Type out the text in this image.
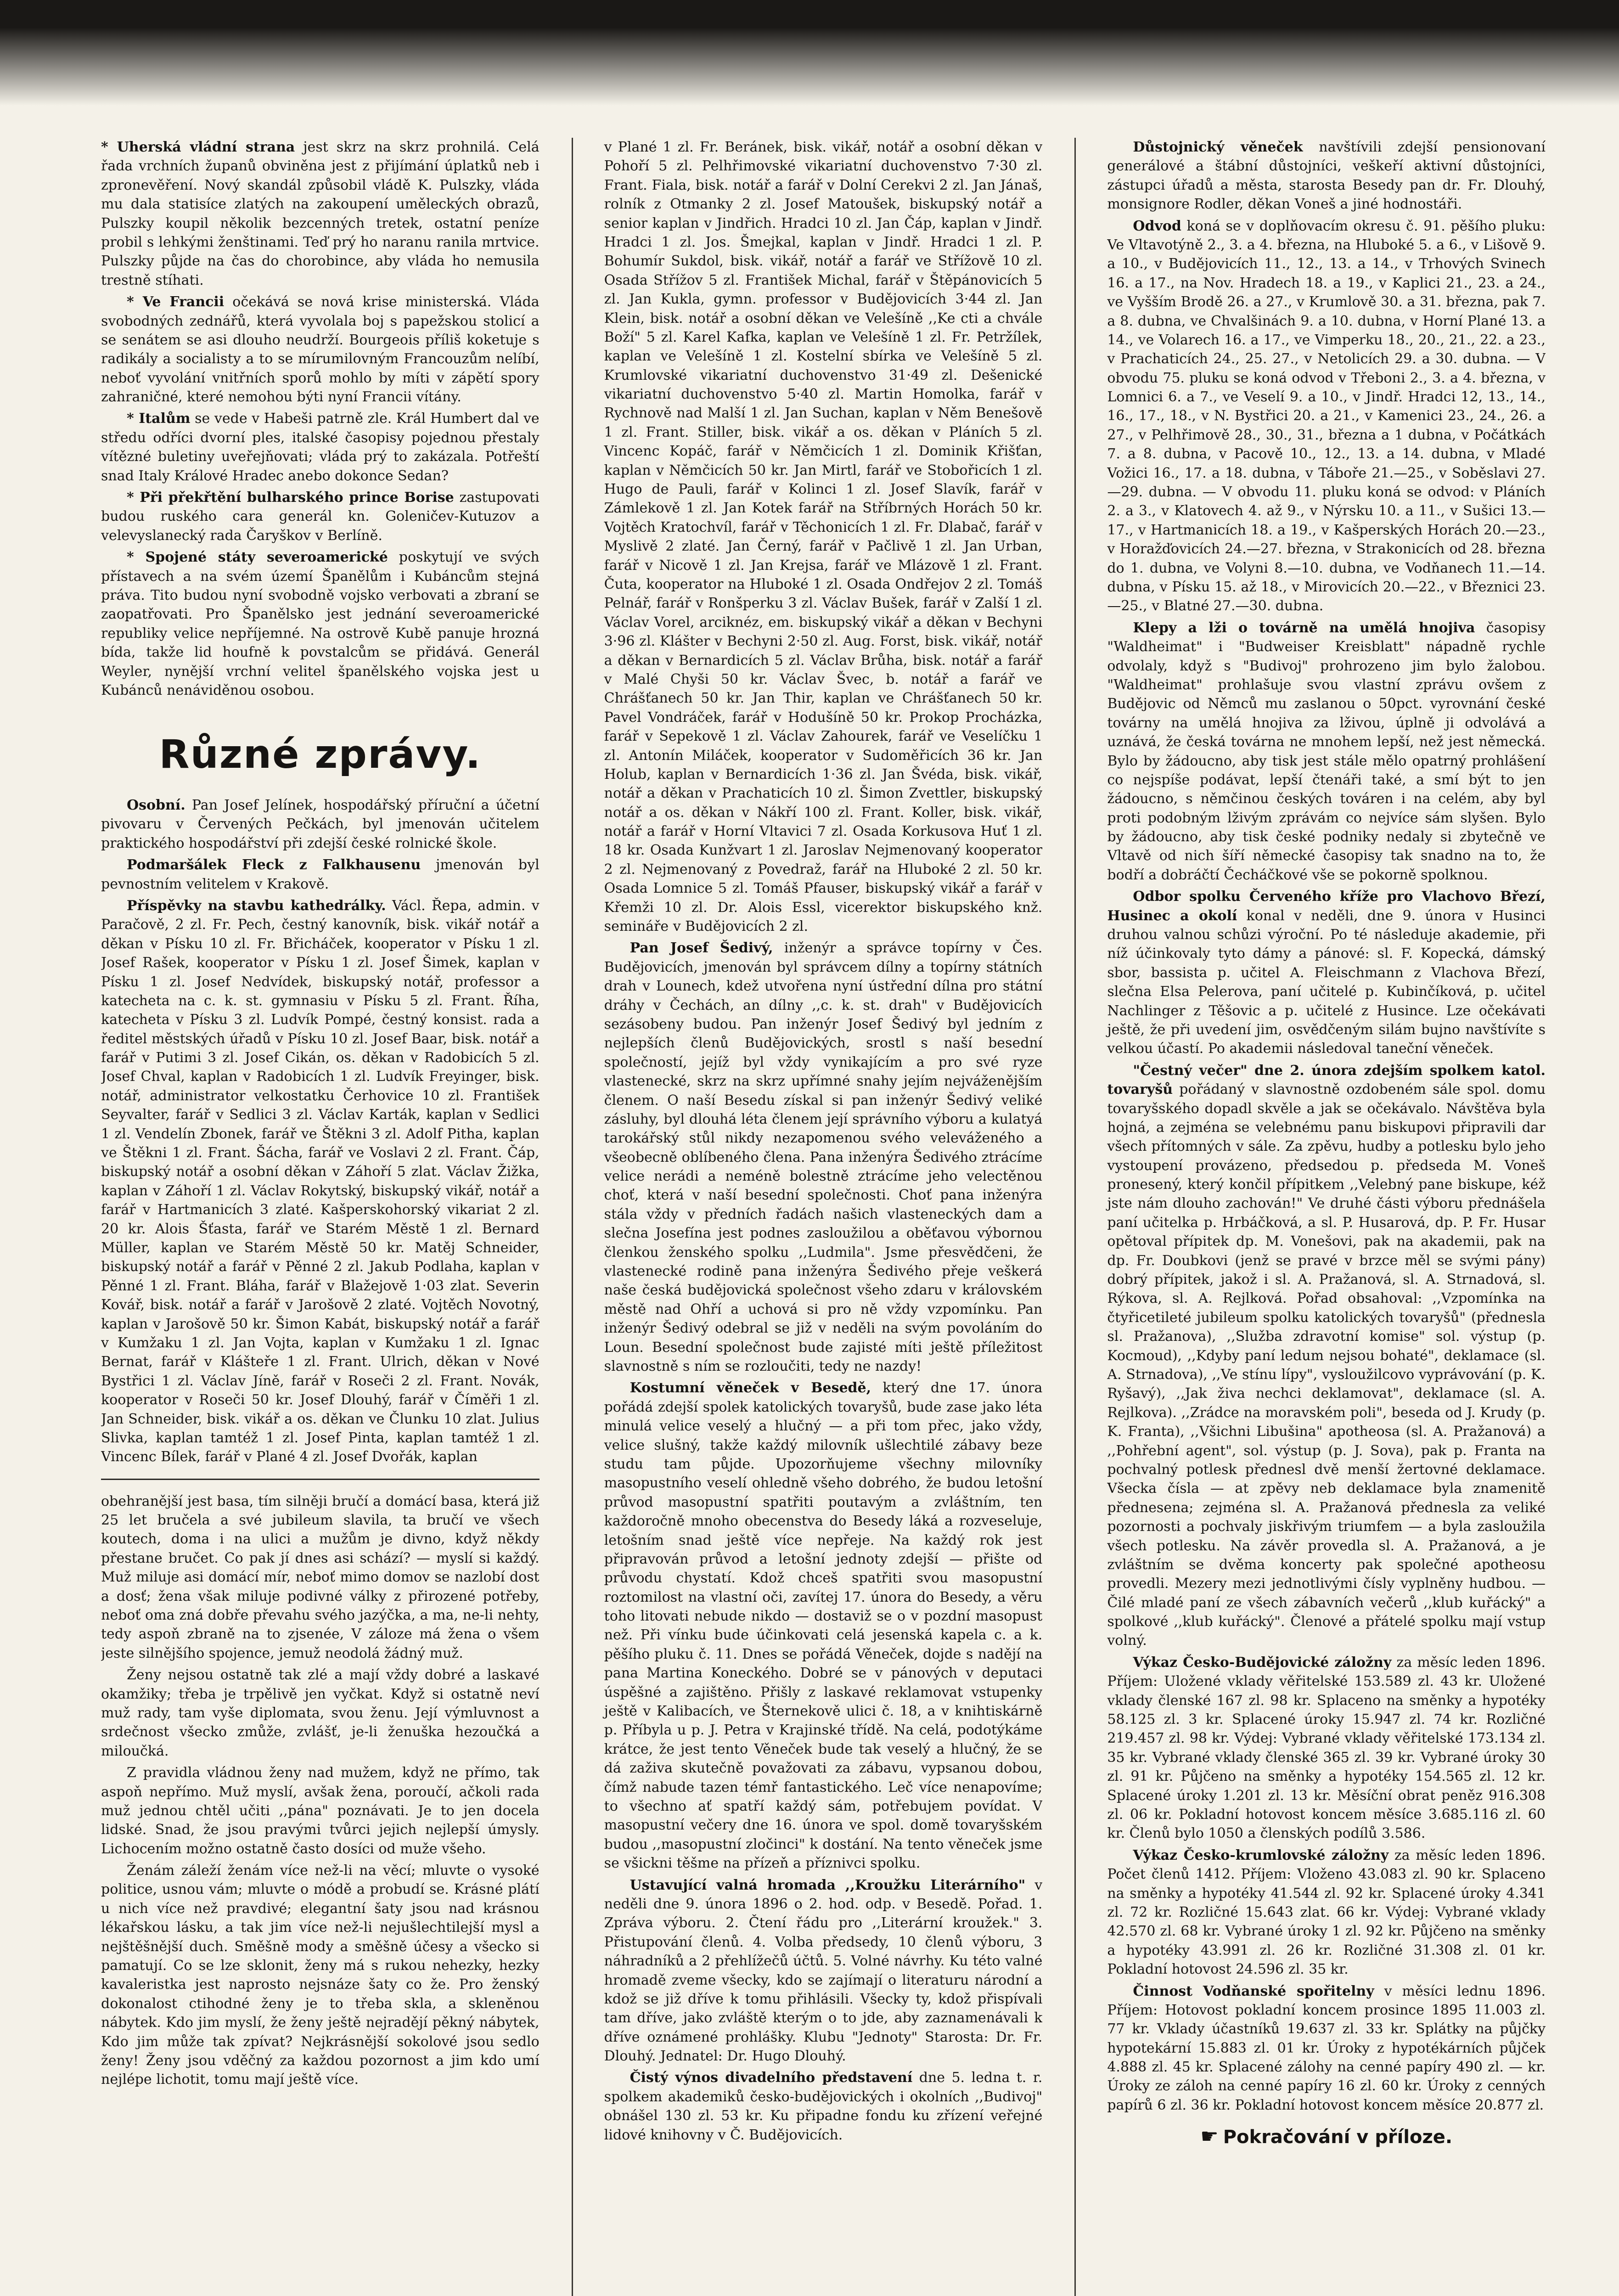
* Uherská vládní strana jest skrz na skrz prohnilá. Celá řada vrchních županů obviněna jest z přijímání úplatků neb i zpronevěření. Nový skandál způsobil vládě K. Pulszky, vláda mu dala statisíce zlatých na zakoupení uměleckých obrazů, Pulszky koupil několik bezcenných tretek, ostatní peníze probil s lehkými ženštinami. Teď prý ho naranu ranila mrtvice. Pulszky půjde na čas do chorobince, aby vláda ho nemusila trestně stíhati.

* Ve Francii očekává se nová krise ministerská. Vláda svobodných zednářů, která vyvolala boj s papežskou stolicí a se senátem se asi dlouho neudrží. Bourgeois příliš koketuje s radikály a socialisty a to se mírumilovným Francouzům nelíbí, neboť vyvolání vnitřních sporů mohlo by míti v zápětí spory zahraničné, které nemohou býti nyní Francii vítány.

* Italům se vede v Habeši patrně zle. Král Humbert dal ve středu odříci dvorní ples, italské časopisy pojednou přestaly vítězné buletiny uveřejňovati; vláda prý to zakázala. Potřeští snad Italy Králové Hradec anebo dokonce Sedan?

* Při překřtění bulharského prince Borise zastupovati budou ruského cara generál kn. Goleničev-Kutuzov a velevyslanecký rada Čaryškov v Berlíně.

* Spojené státy severoamerické poskytují ve svých přístavech a na svém území Španělům i Kubáncům stejná práva. Tito budou nyní svobodně vojsko verbovati a zbraní se zaopatřovati. Pro Španělsko jest jednání severoamerické republiky velice nepříjemné. Na ostrově Kubě panuje hrozná bída, takže lid houfně k povstalcům se přidává. Generál Weyler, nynější vrchní velitel španělského vojska jest u Kubánců nenáviděnou osobou.

Různé zprávy.

Osobní. Pan Josef Jelínek, hospodářský příruční a účetní pivovaru v Červených Pečkách, byl jmenován učitelem praktického hospodářství při zdejší české rolnické škole.

Podmaršálek Fleck z Falkhausenu jmenován byl pevnostním velitelem v Krakově.

Příspěvky na stavbu kathedrálky. Václ. Řepa, admin. v Paračově, 2 zl. Fr. Pech, čestný kanovník, bisk. vikář notář a děkan v Písku 10 zl. Fr. Břicháček, kooperator v Písku 1 zl. Josef Rašek, kooperator v Písku 1 zl. Josef Šimek, kaplan v Písku 1 zl. Josef Nedvídek, biskupský notář, professor a katecheta na c. k. st. gymnasiu v Písku 5 zl. Frant. Říha, katecheta v Písku 3 zl. Ludvík Pompé, čestný konsist. rada a ředitel městských úřadů v Písku 10 zl. Josef Baar, bisk. notář a farář v Putimi 3 zl. Josef Cikán, os. děkan v Radobicích 5 zl. Josef Chval, kaplan v Radobicích 1 zl. Ludvík Freyinger, bisk. notář, administrator velkostatku Čerhovice 10 zl. František Seyvalter, farář v Sedlici 3 zl. Václav Karták, kaplan v Sedlici 1 zl. Vendelín Zbonek, farář ve Štěkni 3 zl. Adolf Pitha, kaplan ve Štěkni 1 zl. Frant. Šácha, farář ve Voslavi 2 zl. Frant. Čáp, biskupský notář a osobní děkan v Záhoří 5 zlat. Václav Žižka, kaplan v Záhoří 1 zl. Václav Rokytský, biskupský vikář, notář a farář v Hartmanicích 3 zlaté. Kašperskohorský vikariat 2 zl. 20 kr. Alois Šťasta, farář ve Starém Městě 1 zl. Bernard Müller, kaplan ve Starém Městě 50 kr. Matěj Schneider, biskupský notář a farář v Pěnné 2 zl. Jakub Podlaha, kaplan v Pěnné 1 zl. Frant. Bláha, farář v Blažejově 1·03 zlat. Severin Kovář, bisk. notář a farář v Jarošově 2 zlaté. Vojtěch Novotný, kaplan v Jarošově 50 kr. Šimon Kabát, biskupský notář a farář v Kumžaku 1 zl. Jan Vojta, kaplan v Kumžaku 1 zl. Ignac Bernat, farář v Klášteře 1 zl. Frant. Ulrich, děkan v Nové Bystřici 1 zl. Václav Jíně, farář v Roseči 2 zl. Frant. Novák, kooperator v Roseči 50 kr. Josef Dlouhý, farář v Číměři 1 zl. Jan Schneider, bisk. vikář a os. děkan ve Člunku 10 zlat. Julius Slivka, kaplan tamtéž 1 zl. Josef Pinta, kaplan tamtéž 1 zl. Vincenc Bílek, farář v Plané 4 zl. Josef Dvořák, kaplan

obehranější jest basa, tím silněji bručí a domácí basa, která již 25 let bručela a své jubileum slavila, ta bručí ve všech koutech, doma i na ulici a mužům je divno, když někdy přestane bručet. Co pak jí dnes asi schází? — myslí si každý. Muž miluje asi domácí mír, neboť mimo domov se nazlobí dost a dosť; žena však miluje podivné války z přirozené potřeby, neboť oma zná dobře převahu svého jazýčka, a ma, ne-li nehty, tedy aspoň zbraně na to zjsenée, V záloze má žena o všem jeste silnějšího spojence, jemuž neodolá žádný muž.

Ženy nejsou ostatně tak zlé a mají vždy dobré a laskavé okamžiky; třeba je trpělivě jen vyčkat. Když si ostatně neví muž rady, tam vyše diplomata, svou ženu. Její výmluvnost a srdečnost všecko zmůže, zvlášť, je-li ženuška hezoučká a miloučká.

Z pravidla vládnou ženy nad mužem, když ne přímo, tak aspoň nepřímo. Muž myslí, avšak žena, poroučí, ačkoli rada muž jednou chtěl učiti ,,pána" poznávati. Je to jen docela lidské. Snad, že jsou pravými tvůrci jejich nejlepší úmysly. Lichocením možno ostatně často dosíci od muže všeho.

Ženám záleží ženám více než-li na věcí; mluvte o vysoké politice, usnou vám; mluvte o módě a probudí se. Krásné plátí u nich více než pravdivé; elegantní šaty jsou nad krásnou lékařskou lásku, a tak jim více než-li nejušlechtilejší mysl a nejštěšnější duch. Směšně mody a směšně účesy a všecko si pamatují. Co se lze sklonit, ženy má s rukou nehezky, hezky kavaleristka jest naprosto nejsnáze šaty co že. Pro ženský dokonalost ctihodné ženy je to třeba skla, a skleněnou nábytek. Kdo jim myslí, že ženy ještě nejradějí pěkný nábytek, Kdo jim může tak zpívat? Nejkrásnější sokolové jsou sedlo ženy! Ženy jsou vděčný za každou pozornost a jim kdo umí nejlépe lichotit, tomu mají ještě více.

v Plané 1 zl. Fr. Beránek, bisk. vikář, notář a osobní děkan v Pohoří 5 zl. Pelhřimovské vikariatní duchovenstvo 7·30 zl. Frant. Fiala, bisk. notář a farář v Dolní Cerekvi 2 zl. Jan Jánaš, rolník z Otmanky 2 zl. Josef Matoušek, biskupský notář a senior kaplan v Jindřich. Hradci 10 zl. Jan Čáp, kaplan v Jindř. Hradci 1 zl. Jos. Šmejkal, kaplan v Jindř. Hradci 1 zl. P. Bohumír Sukdol, bisk. vikář, notář a farář ve Střížově 10 zl. Osada Střížov 5 zl. František Michal, farář v Štěpánovicích 5 zl. Jan Kukla, gymn. professor v Budějovicích 3·44 zl. Jan Klein, bisk. notář a osobní děkan ve Velešíně ,,Ke cti a chvále Boží" 5 zl. Karel Kafka, kaplan ve Velešíně 1 zl. Fr. Petržílek, kaplan ve Velešíně 1 zl. Kostelní sbírka ve Velešíně 5 zl. Krumlovské vikariatní duchovenstvo 31·49 zl. Dešenické vikariatní duchovenstvo 5·40 zl. Martin Homolka, farář v Rychnově nad Malší 1 zl. Jan Suchan, kaplan v Něm Benešově 1 zl. Frant. Stiller, bisk. vikář a os. děkan v Pláních 5 zl. Vincenc Kopáč, farář v Němčicích 1 zl. Dominik Křišťan, kaplan v Němčicích 50 kr. Jan Mirtl, farář ve Stobořicích 1 zl. Hugo de Pauli, farář v Kolinci 1 zl. Josef Slavík, farář v Zámlekově 1 zl. Jan Kotek farář na Stříbrných Horách 50 kr. Vojtěch Kratochvíl, farář v Těchonicích 1 zl. Fr. Dlabač, farář v Myslivě 2 zlaté. Jan Černý, farář v Pačlivě 1 zl. Jan Urban, farář v Nicově 1 zl. Jan Krejsa, farář ve Mlázově 1 zl. Frant. Čuta, kooperator na Hluboké 1 zl. Osada Ondřejov 2 zl. Tomáš Pelnář, farář v Ronšperku 3 zl. Václav Bušek, farář v Zalší 1 zl. Václav Vorel, arciknéz, em. biskupský vikář a děkan v Bechyni 3·96 zl. Klášter v Bechyni 2·50 zl. Aug. Forst, bisk. vikář, notář a děkan v Bernardicích 5 zl. Václav Brůha, bisk. notář a farář v Malé Chyši 50 kr. Václav Švec, b. notář a farář ve Chrášťanech 50 kr. Jan Thir, kaplan ve Chrášťanech 50 kr. Pavel Vondráček, farář v Hodušíně 50 kr. Prokop Procházka, farář v Sepekově 1 zl. Václav Zahourek, farář ve Veselíčku 1 zl. Antonín Miláček, kooperator v Sudoměřicích 36 kr. Jan Holub, kaplan v Bernardicích 1·36 zl. Jan Švéda, bisk. vikář, notář a děkan v Prachaticích 10 zl. Šimon Zvettler, biskupský notář a os. děkan v Nákří 100 zl. Frant. Koller, bisk. vikář, notář a farář v Horní Vltavici 7 zl. Osada Korkusova Huť 1 zl. 18 kr. Osada Kunžvart 1 zl. Jaroslav Nejmenovaný kooperator 2 zl. Nejmenovaný z Povedraž, farář na Hluboké 2 zl. 50 kr. Osada Lomnice 5 zl. Tomáš Pfauser, biskupský vikář a farář v Křemži 10 zl. Dr. Alois Essl, vicerektor biskupského knž. semináře v Budějovicích 2 zl.

Pan Josef Šedivý, inženýr a správce topírny v Čes. Budějovicích, jmenován byl správcem dílny a topírny státních drah v Lounech, kdež utvořena nyní ústřední dílna pro státní dráhy v Čechách, an dílny ,,c. k. st. drah" v Budějovicích sezásobeny budou. Pan inženýr Josef Šedivý byl jedním z nejlepších členů Budějovických, srostl s naší besední společností, jejíž byl vždy vynikajícím a pro své ryze vlastenecké, skrz na skrz upřímné snahy jejím nejváženějším členem. O naší Besedu získal si pan inženýr Šedivý veliké zásluhy, byl dlouhá léta členem její správního výboru a kulatyá tarokářský stůl nikdy nezapomenou svého veleváženého a všeobecně oblíbeného člena. Pana inženýra Šedivého ztrácíme velice nerádi a neméně bolestně ztrácíme jeho velectěnou choť, která v naší besední společnosti. Choť pana inženýra stála vždy v předních řadách našich vlasteneckých dam a slečna Josefína jest podnes zasloužilou a oběťavou výbornou členkou ženského spolku ,,Ludmila". Jsme přesvědčeni, že vlastenecké rodině pana inženýra Šedivého přeje veškerá naše česká budějovická společnost všeho zdaru v královském městě nad Ohří a uchová si pro ně vždy vzpomínku. Pan inženýr Šedivý odebral se již v neděli na svým povoláním do Loun. Besední společnost bude zajisté míti ještě příležitost slavnostně s ním se rozloučiti, tedy ne nazdy!

Kostumní věneček v Besedě, který dne 17. února pořádá zdejší spolek katolických tovaryšů, bude zase jako léta minulá velice veselý a hlučný — a při tom přec, jako vždy, velice slušný, takže každý milovník ušlechtilé zábavy beze studu tam půjde. Upozorňujeme všechny milovníky masopustního veselí ohledně všeho dobrého, že budou letošní průvod masopustní spatřiti poutavým a zvláštním, ten každoročně mnoho obecenstva do Besedy láká a rozveseluje, letošním snad ještě více nepřeje. Na každý rok jest připravován průvod a letošní jednoty zdejší — přište od průvodu chystatí. Kdož chceš spatřiti svou masopustní roztomilost na vlastní oči, zavítej 17. února do Besedy, a věru toho litovati nebude nikdo — dostaviž se o v pozdní masopust než. Při vínku bude účinkovati celá jesenská kapela c. a k. pěšího pluku č. 11. Dnes se pořádá Věneček, dojde s nadějí na pana Martina Koneckého. Dobré se v pánových v deputaci úspěšné a zajištěno. Přišly z laskavé reklamovat vstupenky ještě v Kalibacích, ve Šternekově ulici č. 18, a v knihtiskárně p. Příbyla u p. J. Petra v Krajinské třídě. Na celá, podotýkáme krátce, že jest tento Věneček bude tak veselý a hlučný, že se dá zaživa skutečně považovati za zábavu, vypsanou dobou, čímž nabude tazen témř fantastického. Leč více nenapovíme; to všechno ať spatří každý sám, potřebujem povídat. V masopustní večery dne 16. února ve spol. domě tovaryšském budou ,,masopustní zločinci" k dostání. Na tento věneček jsme se všickni těšme na přízeň a příznivci spolku.

Ustavující valná hromada ,,Kroužku Literárního" v neděli dne 9. února 1896 o 2. hod. odp. v Besedě. Pořad. 1. Zpráva výboru. 2. Čtení řádu pro ,,Literární kroužek." 3. Přistupování členů. 4. Volba předsedy, 10 členů výboru, 3 náhradníků a 2 přehlížečů účtů. 5. Volné návrhy. Ku této valné hromadě zveme všecky, kdo se zajímají o literaturu národní a kdož se již dříve k tomu přihlásili. Všecky ty, kdož přispívali tam dříve, jako zvláště kterým o to jde, aby zaznamenávali k dříve oznámené prohlášky. Klubu "Jednoty" Starosta: Dr. Fr. Dlouhý. Jednatel: Dr. Hugo Dlouhý.

Čistý výnos divadelního představení dne 5. ledna t. r. spolkem akademiků česko-budějovických i okolních ,,Budivoj" obnášel 130 zl. 53 kr. Ku připadne fondu ku zřízení veřejné lidové knihovny v Č. Budějovicích.

Důstojnický věneček navštívili zdejší pensionovaní generálové a štábní důstojníci, veškeří aktivní důstojníci, zástupci úřadů a města, starosta Besedy pan dr. Fr. Dlouhý, monsignore Rodler, děkan Voneš a jiné hodnostáři.

Odvod koná se v doplňovacím okresu č. 91. pěšího pluku: Ve Vltavotýně 2., 3. a 4. března, na Hluboké 5. a 6., v Lišově 9. a 10., v Budějovicích 11., 12., 13. a 14., v Trhových Svinech 16. a 17., na Nov. Hradech 18. a 19., v Kaplici 21., 23. a 24., ve Vyšším Brodě 26. a 27., v Krumlově 30. a 31. března, pak 7. a 8. dubna, ve Chvalšinách 9. a 10. dubna, v Horní Plané 13. a 14., ve Volarech 16. a 17., ve Vimperku 18., 20., 21., 22. a 23., v Prachaticích 24., 25. 27., v Netolicích 29. a 30. dubna. — V obvodu 75. pluku se koná odvod v Třeboni 2., 3. a 4. března, v Lomnici 6. a 7., ve Veselí 9. a 10., v Jindř. Hradci 12, 13., 14., 16., 17., 18., v N. Bystřici 20. a 21., v Kamenici 23., 24., 26. a 27., v Pelhřimově 28., 30., 31., března a 1 dubna, v Počátkách 7. a 8. dubna, v Pacově 10., 12., 13. a 14. dubna, v Mladé Vožici 16., 17. a 18. dubna, v Táboře 21.—25., v Soběslavi 27.—29. dubna. — V obvodu 11. pluku koná se odvod: v Pláních 2. a 3., v Klatovech 4. až 9., v Nýrsku 10. a 11., v Sušici 13.—17., v Hartmanicích 18. a 19., v Kašperských Horách 20.—23., v Horažďovicích 24.—27. března, v Strakonicích od 28. března do 1. dubna, ve Volyni 8.—10. dubna, ve Vodňanech 11.—14. dubna, v Písku 15. až 18., v Mirovicích 20.—22., v Březnici 23.—25., v Blatné 27.—30. dubna.

Klepy a lži o továrně na umělá hnojiva časopisy "Waldheimat" i "Budweiser Kreisblatt" nápadně rychle odvolaly, když s "Budivoj" prohrozeno jim bylo žalobou. "Waldheimat" prohlašuje svou vlastní zprávu ovšem z Budějovic od Němců mu zaslanou o 50pct. vyrovnání české továrny na umělá hnojiva za lživou, úplně ji odvolává a uznává, že česká továrna ne mnohem lepší, než jest německá. Bylo by žádoucno, aby tisk jest stále mělo opatrný prohlášení co nejspíše podávat, lepší čtenáři také, a smí být to jen žádoucno, s němčinou českých továren i na celém, aby byl proti podobným lživým zprávám co nejvíce sám slyšen. Bylo by žádoucno, aby tisk české podniky nedaly si zbytečně ve Vltavě od nich šíří německé časopisy tak snadno na to, že bodří a dobráčtí Čecháčkové vše se pokorně spolknou.

Odbor spolku Červeného kříže pro Vlachovo Březí, Husinec a okolí konal v neděli, dne 9. února v Husinci druhou valnou schůzi výroční. Po té následuje akademie, při níž účinkovaly tyto dámy a pánové: sl. F. Kopecká, dámský sbor, bassista p. učitel A. Fleischmann z Vlachova Březí, slečna Elsa Pelerova, paní učitelé p. Kubinčíková, p. učitel Nachlinger z Těšovic a p. učitelé z Husince. Lze očekávati ještě, že při uvedení jim, osvědčeným silám bujno navštívíte s velkou účastí. Po akademii následoval taneční věneček.

"Čestný večer" dne 2. února zdejším spolkem katol. tovaryšů pořádaný v slavnostně ozdobeném sále spol. domu tovaryšského dopadl skvěle a jak se očekávalo. Návštěva byla hojná, a zejména se velebnému panu biskupovi připravili dar všech přítomných v sále. Za zpěvu, hudby a potlesku bylo jeho vystoupení provázeno, předsedou p. předseda M. Voneš pronesený, který končil přípitkem ,,Velebný pane biskupe, kéž jste nám dlouho zachován!" Ve druhé části výboru přednášela paní učitelka p. Hrbáčková, a sl. P. Husarová, dp. P. Fr. Husar opětoval přípitek dp. M. Vonešovi, pak na akademii, pak na dp. Fr. Doubkovi (jenž se pravé v brzce měl se svými pány) dobrý přípitek, jakož i sl. A. Pražanová, sl. A. Strnadová, sl. Rýkova, sl. A. Rejlková. Pořad obsahoval: ,,Vzpomínka na čtyřicetileté jubileum spolku katolických tovaryšů" (přednesla sl. Pražanova), ,,Služba zdravotní komise" sol. výstup (p. Kocmoud), ,,Kdyby paní ledum nejsou bohaté", deklamace (sl. A. Strnadova), ,,Ve stínu lípy", vysloužilcovo vyprávování (p. K. Ryšavý), ,,Jak živa nechci deklamovat", deklamace (sl. A. Rejlkova). ,,Zrádce na moravském poli", beseda od J. Krudy (p. K. Franta), ,,Všichni Libušina" apotheosa (sl. A. Pražanová) a ,,Pohřební agent", sol. výstup (p. J. Sova), pak p. Franta na pochvalný potlesk přednesl dvě menší žertovné deklamace. Všecka čísla — at zpěvy neb deklamace byla znamenitě přednesena; zejména sl. A. Pražanová přednesla za veliké pozornosti a pochvaly jiskřivým triumfem — a byla zasloužila všech potlesku. Na závěr provedla sl. A. Pražanová, a je zvláštním se dvěma koncerty pak společné apotheosu provedli. Mezery mezi jednotlivými čísly vyplněny hudbou. — Čilé mladé paní ze všech zábavních večerů ,,klub kuřácký" a spolkové ,,klub kuřácký". Členové a přátelé spolku mají vstup volný.

Výkaz Česko-Budějovické záložny za měsíc leden 1896. Příjem: Uložené vklady věřitelské 153.589 zl. 43 kr. Uložené vklady členské 167 zl. 98 kr. Splaceno na směnky a hypotéky 58.125 zl. 3 kr. Splacené úroky 15.947 zl. 74 kr. Rozličné 219.457 zl. 98 kr. Výdej: Vybrané vklady věřitelské 173.134 zl. 35 kr. Vybrané vklady členské 365 zl. 39 kr. Vybrané úroky 30 zl. 91 kr. Půjčeno na směnky a hypotéky 154.565 zl. 12 kr. Splacené úroky 1.201 zl. 13 kr. Měsíční obrat peněz 916.308 zl. 06 kr. Pokladní hotovost koncem měsíce 3.685.116 zl. 60 kr. Členů bylo 1050 a členských podílů 3.586.

Výkaz Česko-krumlovské záložny za měsíc leden 1896. Počet členů 1412. Příjem: Vloženo 43.083 zl. 90 kr. Splaceno na směnky a hypotéky 41.544 zl. 92 kr. Splacené úroky 4.341 zl. 72 kr. Rozličné 15.643 zlat. 66 kr. Výdej: Vybrané vklady 42.570 zl. 68 kr. Vybrané úroky 1 zl. 92 kr. Půjčeno na směnky a hypotéky 43.991 zl. 26 kr. Rozličné 31.308 zl. 01 kr. Pokladní hotovost 24.596 zl. 35 kr.

Činnost Vodňanské spořitelny v měsíci lednu 1896. Příjem: Hotovost pokladní koncem prosince 1895 11.003 zl. 77 kr. Vklady účastníků 19.637 zl. 33 kr. Splátky na půjčky hypotekární 15.883 zl. 01 kr. Úroky z hypotékárních půjček 4.888 zl. 45 kr. Splacené zálohy na cenné papíry 490 zl. — kr. Úroky ze záloh na cenné papíry 16 zl. 60 kr. Úroky z cenných papírů 6 zl. 36 kr. Pokladní hotovost koncem měsíce 20.877 zl.

☛ Pokračování v příloze.
